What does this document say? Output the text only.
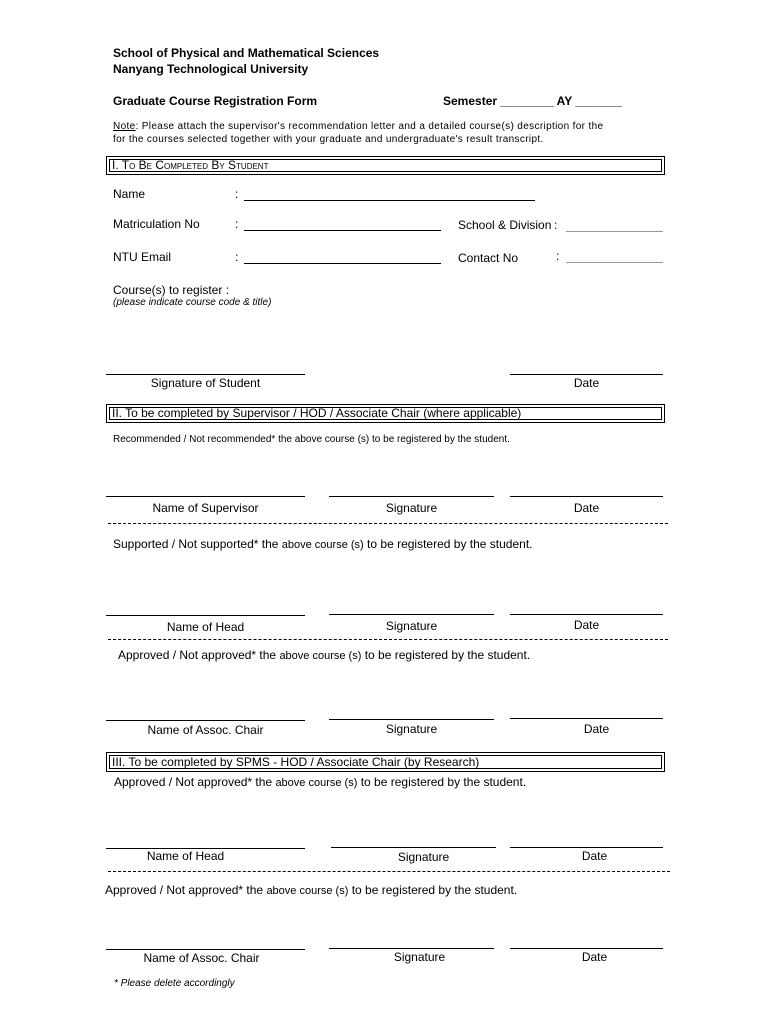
School of Physical and Mathematical Sciences
Nanyang Technological University
Graduate Course Registration Form	Semester ________ AY _______
Note: Please attach the supervisor's recommendation letter and a detailed course(s) description for the
for the courses selected together with your graduate and undergraduate's result transcript.
I. To Be Completed By Student
Name	:
Matriculation No	:	School & Division :
NTU Email	:	Contact No	:
Course(s) to register :
(please indicate course code & title)
Signature of Student	Date
II. To be completed by Supervisor / HOD / Associate Chair (where applicable)
Recommended / Not recommended* the above course (s) to be registered by the student.
Name of Supervisor	Signature	Date
Supported / Not supported* the above course (s) to be registered by the student.
Name of Head	Signature	Date
Approved / Not approved* the above course (s) to be registered by the student.
Name of Assoc. Chair	Signature	Date
III. To be completed by SPMS - HOD / Associate Chair (by Research)
Approved / Not approved* the above course (s) to be registered by the student.
Name of Head	Signature	Date
Approved / Not approved* the above course (s) to be registered by the student.
Name of Assoc. Chair	Signature	Date
* Please delete accordingly
